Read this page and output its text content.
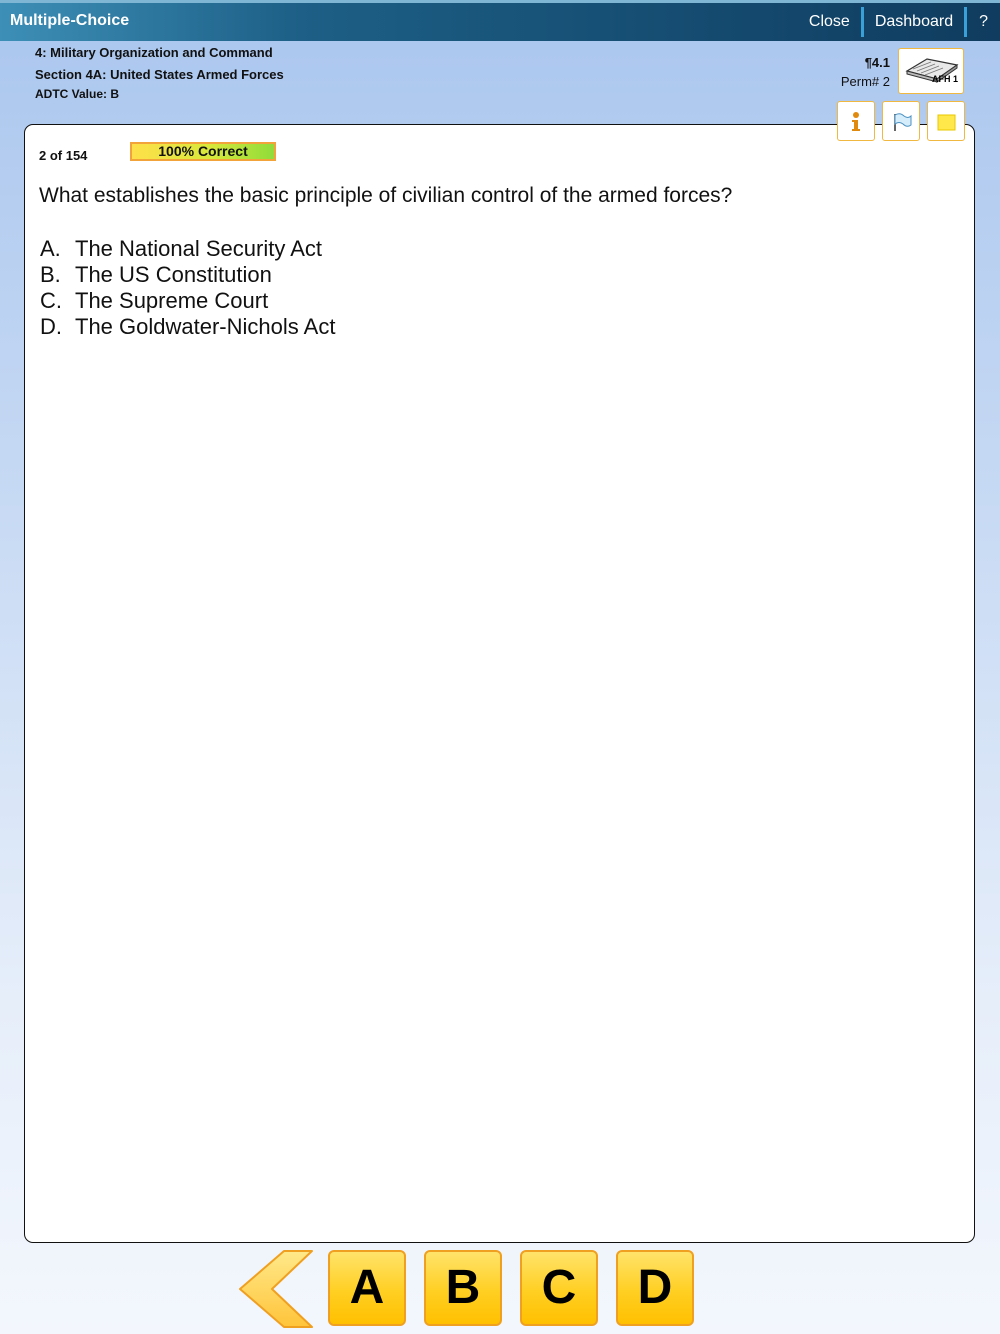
Multiple-Choice	Close	Dashboard	?
4: Military Organization and Command
Section 4A: United States Armed Forces
ADTC Value: B
¶4.1
Perm# 2	AFH 1
2 of 154	100% Correct
What establishes the basic principle of civilian control of the armed forces?
A. The National Security Act
B. The US Constitution
C. The Supreme Court
D. The Goldwater-Nichols Act
A	B	C	D
